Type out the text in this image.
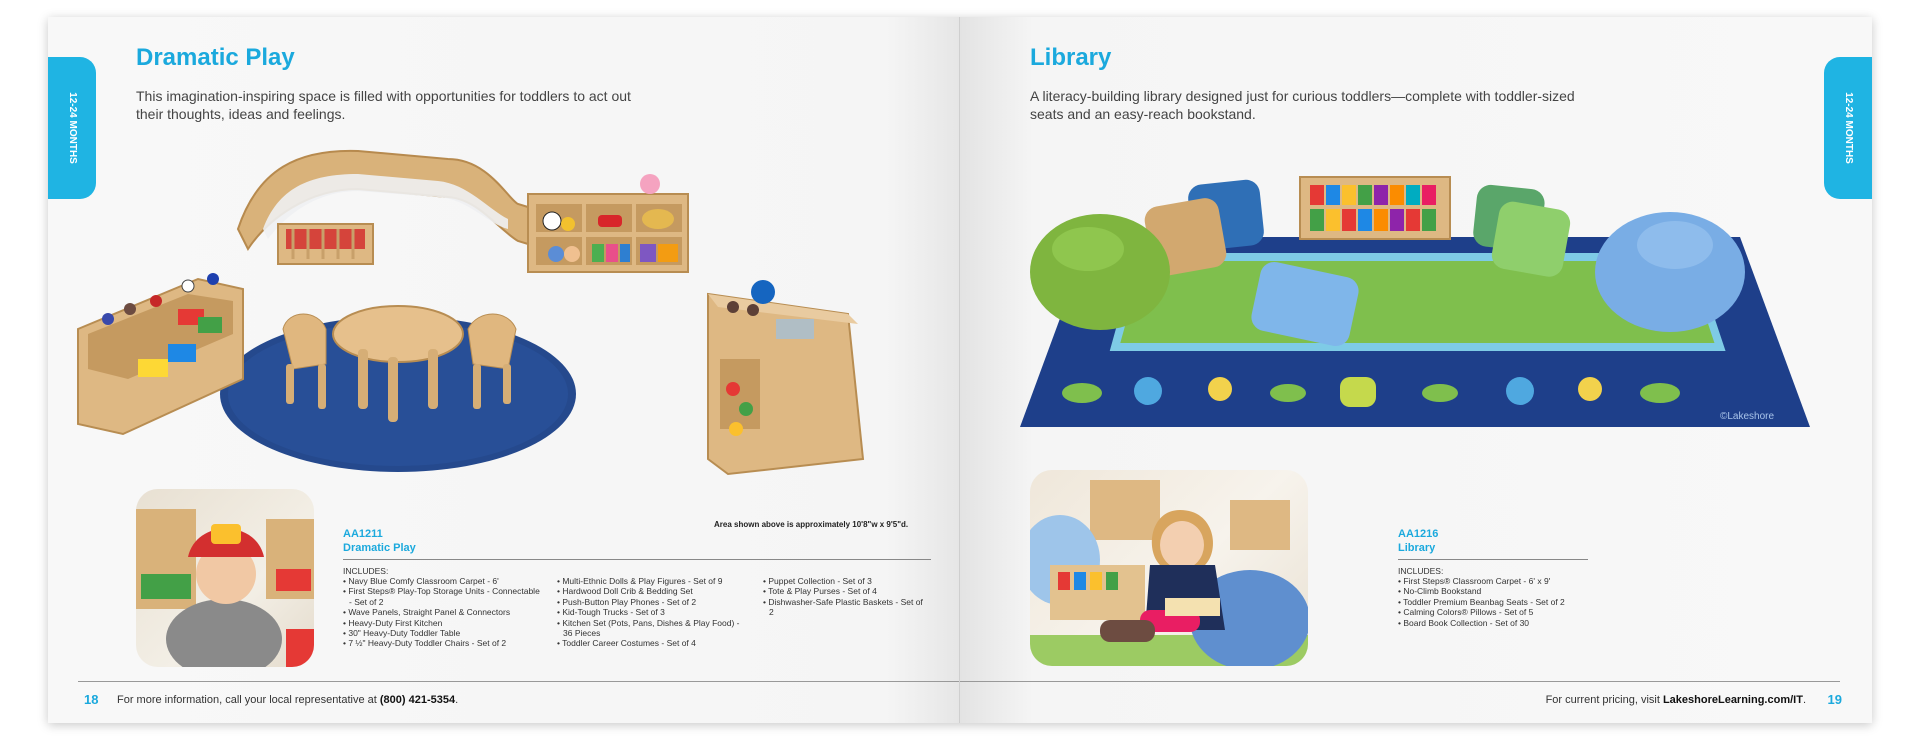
12-24 MONTHS
Dramatic Play

This imagination-inspiring space is filled with opportunities for toddlers to act out their thoughts, ideas and feelings.

Area shown above is approximately 10'8"w x 9'5"d.
AA1211
Dramatic Play
INCLUDES:
• Navy Blue Comfy Classroom Carpet - 6'
• First Steps® Play-Top Storage Units - Connectable - Set of 2
• Wave Panels, Straight Panel & Connectors
• Heavy-Duty First Kitchen
• 30" Heavy-Duty Toddler Table
• 7 ½" Heavy-Duty Toddler Chairs - Set of 2
• Multi-Ethnic Dolls & Play Figures - Set of 9
• Hardwood Doll Crib & Bedding Set
• Push-Button Play Phones - Set of 2
• Kid-Tough Trucks - Set of 3
• Kitchen Set (Pots, Pans, Dishes & Play Food) - 36 Pieces
• Toddler Career Costumes - Set of 4
• Puppet Collection - Set of 3
• Tote & Play Purses - Set of 4
• Dishwasher-Safe Plastic Baskets - Set of 2
18 For more information, call your local representative at (800) 421-5354.
12-24 MONTHS
Library

A literacy-building library designed just for curious toddlers—complete with toddler-sized seats and an easy-reach bookstand.

©Lakeshore
AA1216
Library
INCLUDES:
• First Steps® Classroom Carpet - 6' x 9'
• No-Climb Bookstand
• Toddler Premium Beanbag Seats - Set of 2
• Calming Colors® Pillows - Set of 5
• Board Book Collection - Set of 30
For current pricing, visit LakeshoreLearning.com/IT. 19
